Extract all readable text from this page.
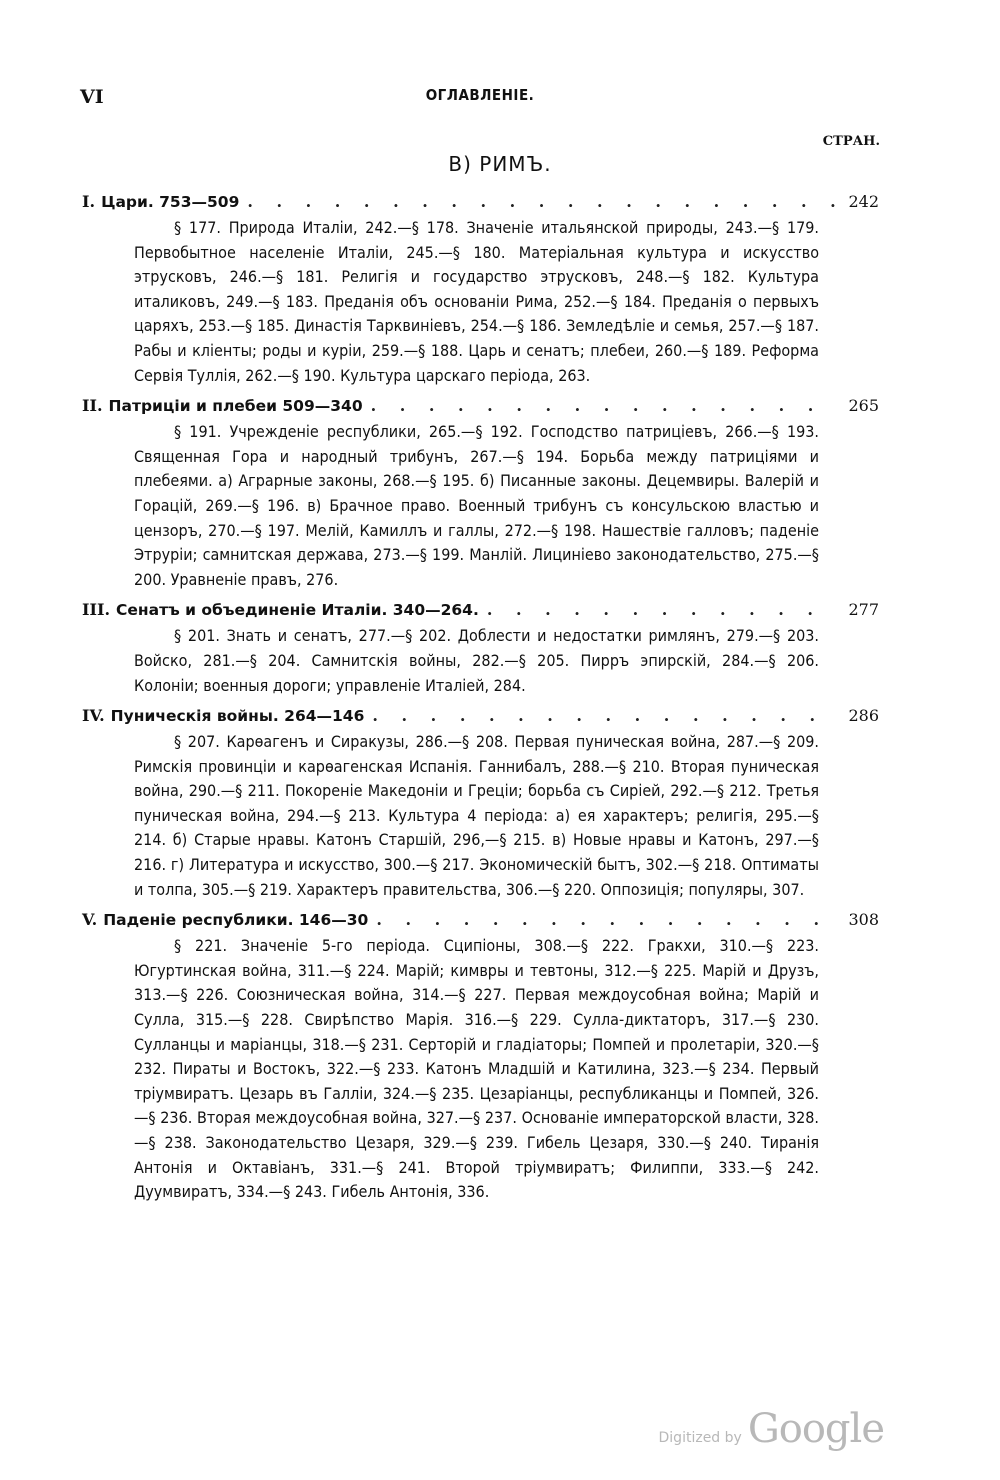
VI	ОГЛАВЛЕНІЕ.
СТРАН.
В) РИМЪ.
I. Цари. 753—509 . . .	242

§ 177. Природа Италіи, 242.—§ 178. Значеніе итальянской природы, 243.—§ 179. Первобытное населеніе Италіи, 245.—§ 180. Матеріальная культура и искусство этрусковъ, 246.—§ 181. Религія и государство этрусковъ, 248.—§ 182. Культура италиковъ, 249.—§ 183. Преданія объ основаніи Рима, 252.—§ 184. Преданія о первыхъ царяхъ, 253.—§ 185. Династія Тарквиніевъ, 254.—§ 186. Земледѣліе и семья, 257.—§ 187. Рабы и кліенты; роды и куріи, 259.—§ 188. Царь и сенатъ; плебеи, 260.—§ 189. Реформа Сервія Туллія, 262.—§ 190. Культура царскаго періода, 263.

II. Патриціи и плебеи 509—340 . . .	265

§ 191. Учрежденіе республики, 265.—§ 192. Господство патриціевъ, 266.—§ 193. Священная Гора и народный трибунъ, 267.—§ 194. Борьба между патриціями и плебеями. а) Аграрные законы, 268.—§ 195. б) Писанные законы. Децемвиры. Валерій и Горацій, 269.—§ 196. в) Брачное право. Военный трибунъ съ консульскою властью и цензоръ, 270.—§ 197. Мелій, Камиллъ и галлы, 272.—§ 198. Нашествіе галловъ; паденіе Этруріи; самнитская держава, 273.—§ 199. Манлій. Лициніево законодательство, 275.—§ 200. Уравненіе правъ, 276.

III. Сенатъ и объединеніе Италіи. 340—264. . . .	277

§ 201. Знать и сенатъ, 277.—§ 202. Доблести и недостатки римлянъ, 279.—§ 203. Войско, 281.—§ 204. Самнитскія войны, 282.—§ 205. Пирръ эпирскій, 284.—§ 206. Колоніи; военныя дороги; управленіе Италіей, 284.

IV. Пуническія войны. 264—146 . . .	286

§ 207. Карѳагенъ и Сиракузы, 286.—§ 208. Первая пуническая война, 287.—§ 209. Римскія провинціи и карѳагенская Испанія. Ганнибалъ, 288.—§ 210. Вторая пуническая война, 290.—§ 211. Покореніе Македоніи и Греціи; борьба съ Сиріей, 292.—§ 212. Третья пуническая война, 294.—§ 213. Культура 4 періода: а) ея характеръ; религія, 295.—§ 214. б) Старые нравы. Катонъ Старшій, 296,—§ 215. в) Новые нравы и Катонъ, 297.—§ 216. г) Литература и искусство, 300.—§ 217. Экономическій бытъ, 302.—§ 218. Оптиматы и толпа, 305.—§ 219. Характеръ правительства, 306.—§ 220. Оппозиція; популяры, 307.

V. Паденіе республики. 146—30 . . .	308

§ 221. Значеніе 5-го періода. Сципіоны, 308.—§ 222. Гракхи, 310.—§ 223. Югуртинская война, 311.—§ 224. Марій; кимвры и тевтоны, 312.—§ 225. Марій и Друзъ, 313.—§ 226. Союзническая война, 314.—§ 227. Первая междоусобная война; Марій и Сулла, 315.—§ 228. Свирѣпство Марія. 316.—§ 229. Сулла-диктаторъ, 317.—§ 230. Сулланцы и маріанцы, 318.—§ 231. Серторій и гладіаторы; Помпей и пролетаріи, 320.—§ 232. Пираты и Востокъ, 322.—§ 233. Катонъ Младшій и Катилина, 323.—§ 234. Первый тріумвиратъ. Цезарь въ Галліи, 324.—§ 235. Цезаріанцы, республиканцы и Помпей, 326.—§ 236. Вторая междоусобная война, 327.—§ 237. Основаніе императорской власти, 328.—§ 238. Законодательство Цезаря, 329.—§ 239. Гибель Цезаря, 330.—§ 240. Тиранія Антонія и Октавіанъ, 331.—§ 241. Второй тріумвиратъ; Филиппи, 333.—§ 242. Дуумвиратъ, 334.—§ 243. Гибель Антонія, 336.

Digitized by Google
